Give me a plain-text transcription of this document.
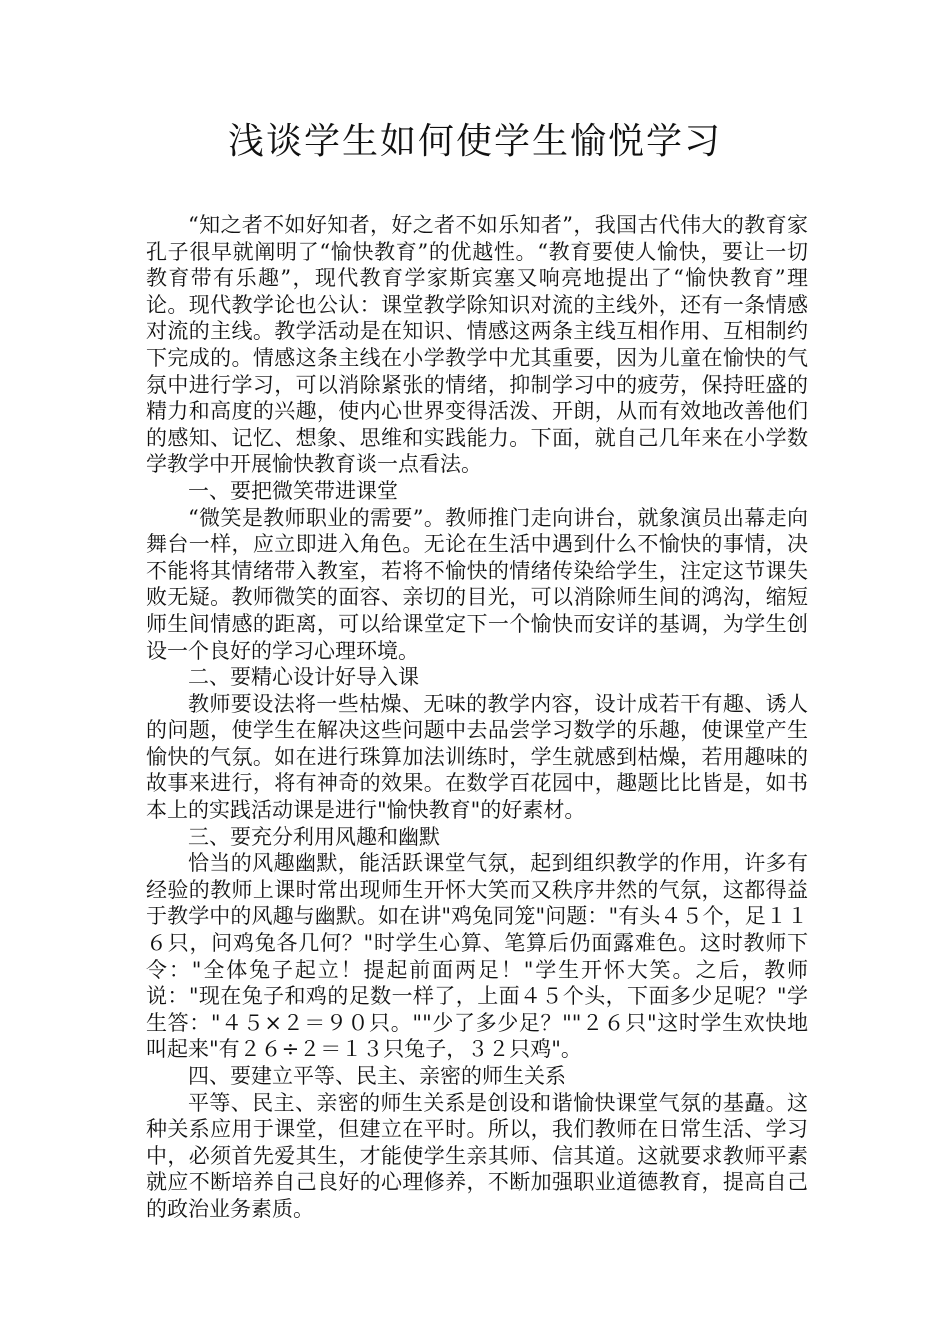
浅谈学生如何使学生愉悦学习

“知之者不如好知者，好之者不如乐知者”，我国古代伟大的教育家孔子很早就阐明了“愉快教育”的优越性。“教育要使人愉快，要让一切教育带有乐趣”，现代教育学家斯宾塞又响亮地提出了“愉快教育”理论。现代教学论也公认：课堂教学除知识对流的主线外，还有一条情感对流的主线。教学活动是在知识、情感这两条主线互相作用、互相制约下完成的。情感这条主线在小学教学中尤其重要，因为儿童在愉快的气氛中进行学习，可以消除紧张的情绪，抑制学习中的疲劳，保持旺盛的精力和高度的兴趣，使内心世界变得活泼、开朗，从而有效地改善他们的感知、记忆、想象、思维和实践能力。下面，就自己几年来在小学数学教学中开展愉快教育谈一点看法。

一、要把微笑带进课堂

“微笑是教师职业的需要”。教师推门走向讲台，就象演员出幕走向舞台一样，应立即进入角色。无论在生活中遇到什么不愉快的事情，决不能将其情绪带入教室，若将不愉快的情绪传染给学生，注定这节课失败无疑。教师微笑的面容、亲切的目光，可以消除师生间的鸿沟，缩短师生间情感的距离，可以给课堂定下一个愉快而安详的基调，为学生创设一个良好的学习心理环境。

二、要精心设计好导入课

教师要设法将一些枯燥、无味的教学内容，设计成若干有趣、诱人的问题，使学生在解决这些问题中去品尝学习数学的乐趣，使课堂产生愉快的气氛。如在进行珠算加法训练时，学生就感到枯燥，若用趣味的故事来进行，将有神奇的效果。在数学百花园中，趣题比比皆是，如书本上的实践活动课是进行"愉快教育"的好素材。

三、要充分利用风趣和幽默

恰当的风趣幽默，能活跃课堂气氛，起到组织教学的作用，许多有经验的教师上课时常出现师生开怀大笑而又秩序井然的气氛，这都得益于教学中的风趣与幽默。如在讲"鸡兔同笼"问题："有头４５个，足１１６只，问鸡兔各几何？"时学生心算、笔算后仍面露难色。这时教师下令："全体兔子起立！提起前面两足！"学生开怀大笑。之后，教师说："现在兔子和鸡的足数一样了，上面４５个头，下面多少足呢？"学生答："４５×２＝９０只。""少了多少足？""２６只"这时学生欢快地叫起来"有２６÷２＝１３只兔子，３２只鸡"。

四、要建立平等、民主、亲密的师生关系

平等、民主、亲密的师生关系是创设和谐愉快课堂气氛的基矗。这种关系应用于课堂，但建立在平时。所以，我们教师在日常生活、学习中，必须首先爱其生，才能使学生亲其师、信其道。这就要求教师平素就应不断培养自己良好的心理修养，不断加强职业道德教育，提高自己的政治业务素质。
